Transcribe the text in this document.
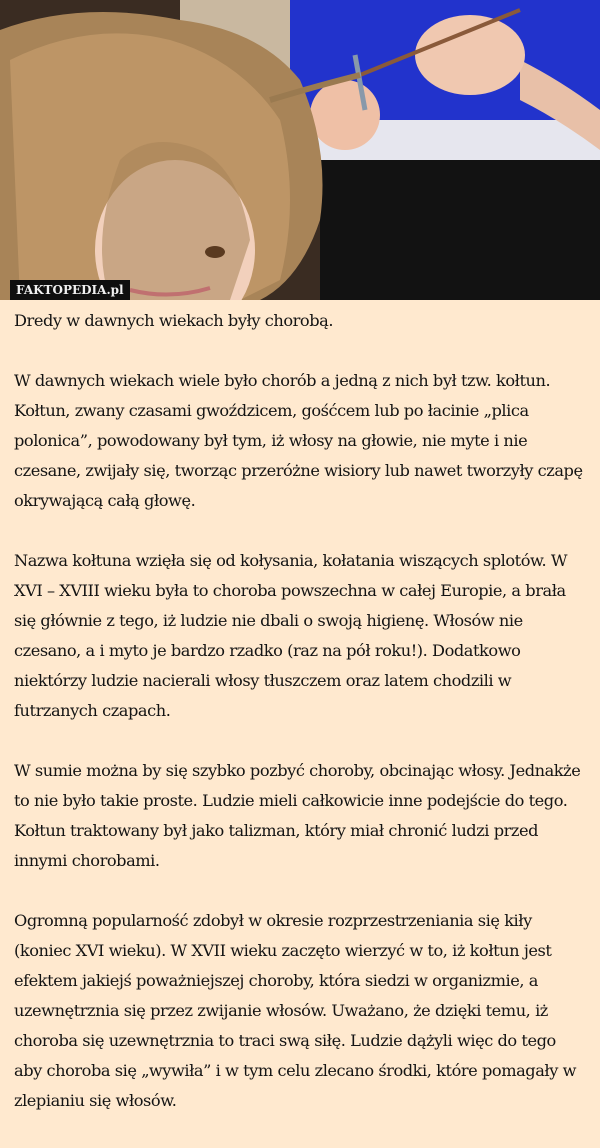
FAKTOPEDIA.pl

Dredy w dawnych wiekach były chorobą.

W dawnych wiekach wiele było chorób a jedną z nich był tzw. kołtun. Kołtun, zwany czasami gwoździcem, gośćcem lub po łacinie „plica polonica”, powodowany był tym, iż włosy na głowie, nie myte i nie czesane, zwijały się, tworząc przeróżne wisiory lub nawet tworzyły czapę okrywającą całą głowę.

Nazwa kołtuna wzięła się od kołysania, kołatania wiszących splotów. W XVI – XVIII wieku była to choroba powszechna w całej Europie, a brała się głównie z tego, iż ludzie nie dbali o swoją higienę. Włosów nie czesano, a i myto je bardzo rzadko (raz na pół roku!). Dodatkowo niektórzy ludzie nacierali włosy tłuszczem oraz latem chodzili w futrzanych czapach.

W sumie można by się szybko pozbyć choroby, obcinając włosy. Jednakże to nie było takie proste. Ludzie mieli całkowicie inne podejście do tego. Kołtun traktowany był jako talizman, który miał chronić ludzi przed innymi chorobami.

Ogromną popularność zdobył w okresie rozprzestrzeniania się kiły (koniec XVI wieku). W XVII wieku zaczęto wierzyć w to, iż kołtun jest efektem jakiejś poważniejszej choroby, która siedzi w organizmie, a uzewnętrznia się przez zwijanie włosów. Uważano, że dzięki temu, iż choroba się uzewnętrznia to traci swą siłę. Ludzie dążyli więc do tego aby choroba się „wywiła” i w tym celu zlecano środki, które pomagały w zlepianiu się włosów.
